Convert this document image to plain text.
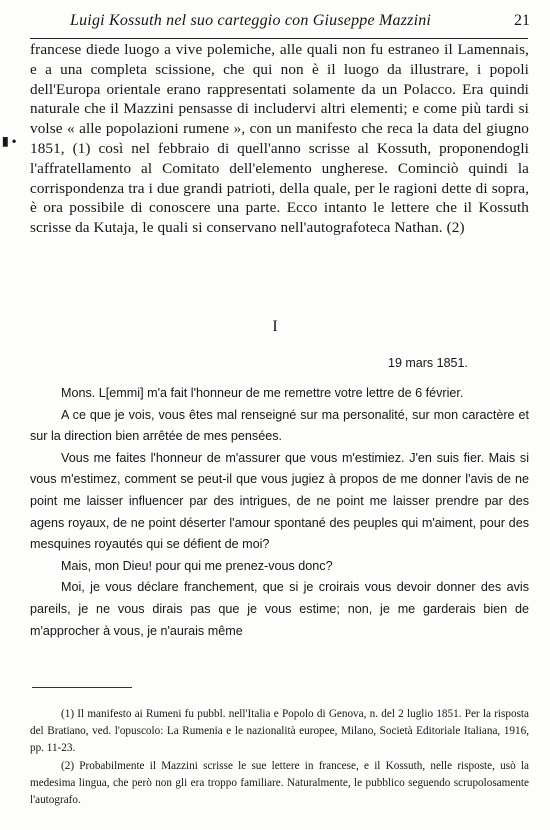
Luigi Kossuth nel suo carteggio con Giuseppe Mazzini	21
▮ •

francese diede luogo a vive polemiche, alle quali non fu estraneo il Lamennais, e a una completa scissione, che qui non è il luogo da illustrare, i popoli dell'Europa orientale erano rappresentati solamente da un Polacco. Era quindi naturale che il Mazzini pensasse di includervi altri elementi; e come più tardi si volse « alle popolazioni rumene », con un manifesto che reca la data del giugno 1851, (1) così nel febbraio di quell'anno scrisse al Kossuth, proponendogli l'affratellamento al Comitato dell'elemento ungherese. Cominciò quindi la corrispondenza tra i due grandi patrioti, della quale, per le ragioni dette di sopra, è ora possibile di conoscere una parte. Ecco intanto le lettere che il Kossuth scrisse da Kutaja, le quali si conservano nell'autografoteca Nathan. (2)

I
19 mars 1851.

Mons. L[emmi] m'a fait l'honneur de me remettre votre lettre de 6 février.

A ce que je vois, vous êtes mal renseigné sur ma personalité, sur mon caractère et sur la direction bien arrêtée de mes pensées.

Vous me faites l'honneur de m'assurer que vous m'estimiez. J'en suis fier. Mais si vous m'estimez, comment se peut-il que vous jugiez à propos de me donner l'avis de ne point me laisser influencer par des intrigues, de ne point me laisser prendre par des agens royaux, de ne point déserter l'amour spontané des peuples qui m'aiment, pour des mesquines royautés qui se défient de moi?

Mais, mon Dieu! pour qui me prenez-vous donc?

Moi, je vous déclare franchement, que si je croirais vous devoir donner des avis pareils, je ne vous dirais pas que je vous estime; non, je me garderais bien de m'approcher à vous, je n'aurais même

(1) Il manifesto ai Rumeni fu pubbl. nell'Italia e Popolo di Genova, n. del 2 luglio 1851. Per la risposta del Bratiano, ved. l'opuscolo: La Rumenia e le nazionalità europee, Milano, Società Editoriale Italiana, 1916, pp. 11-23.

(2) Probabilmente il Mazzini scrisse le sue lettere in francese, e il Kossuth, nelle risposte, usò la medesima lingua, che però non gli era troppo familiare. Naturalmente, le pubblico seguendo scrupolosamente l'autografo.
